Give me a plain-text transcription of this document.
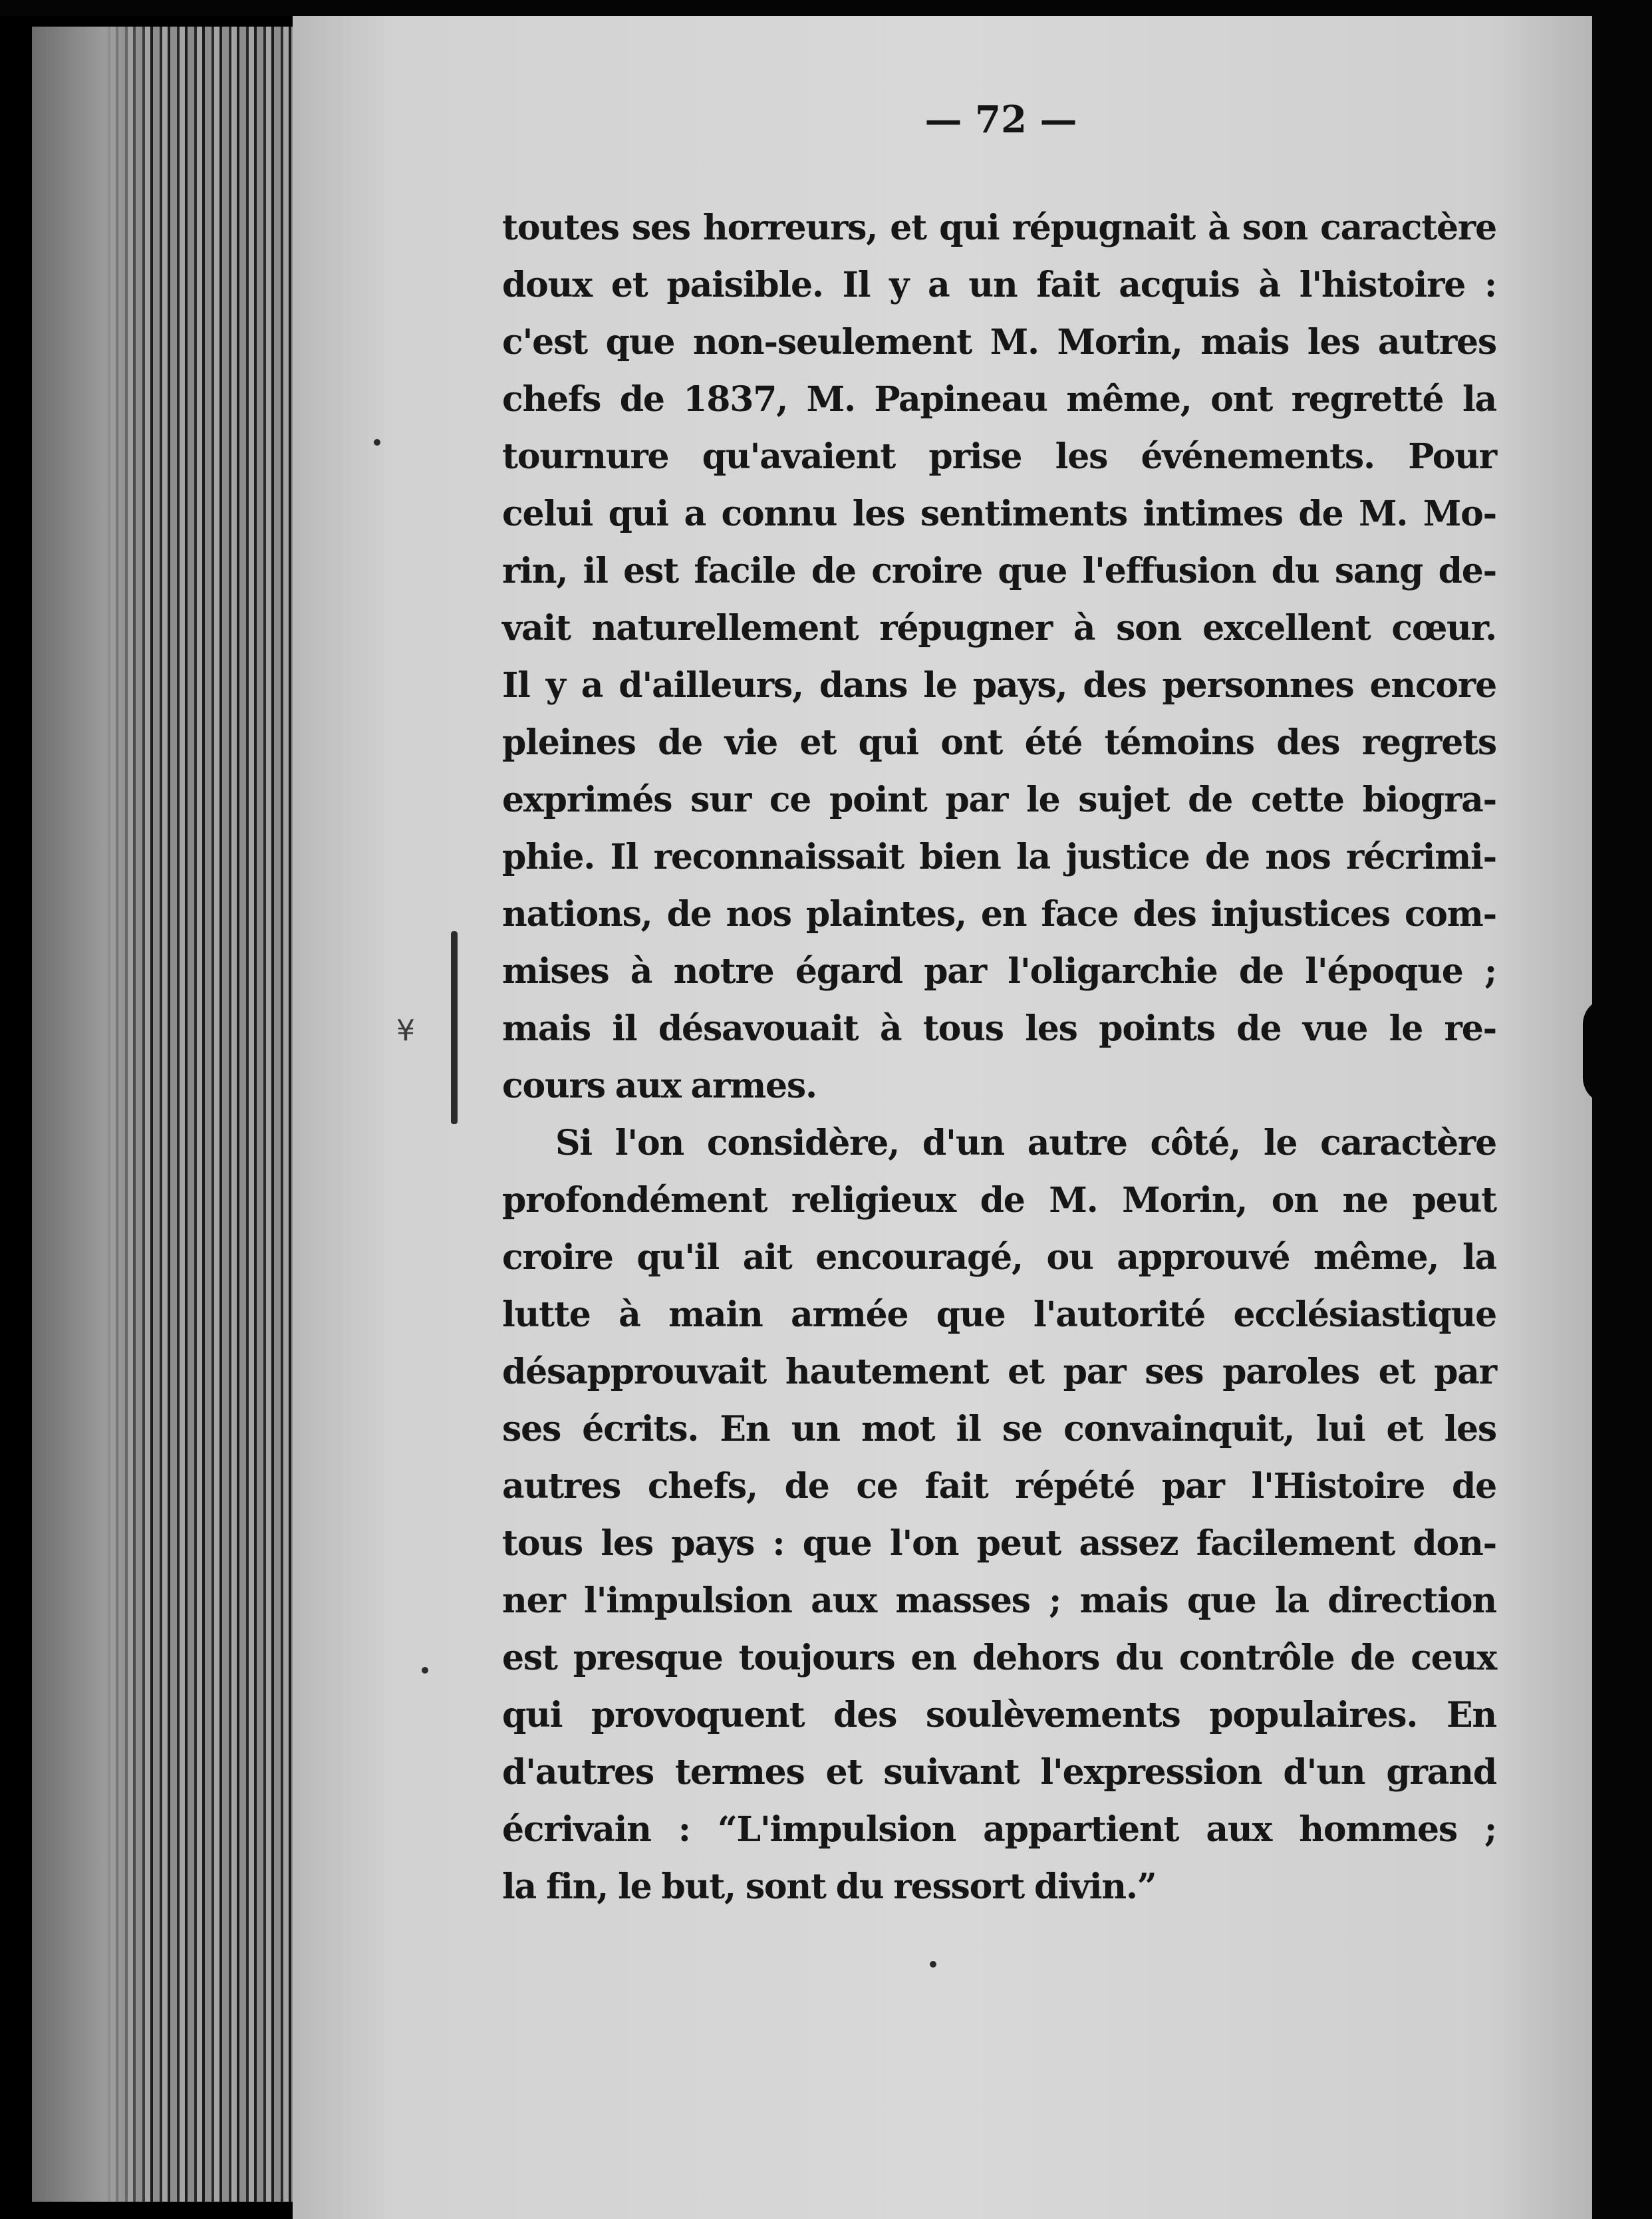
¥
— 72 —
toutes ses horreurs, et qui répugnait à son caractère
doux et paisible. Il y a un fait acquis à l'histoire :
c'est que non-seulement M. Morin, mais les autres
chefs de 1837, M. Papineau même, ont regretté la
tournure qu'avaient prise les événements. Pour
celui qui a connu les sentiments intimes de M. Mo-
rin, il est facile de croire que l'effusion du sang de-
vait naturellement répugner à son excellent cœur.
Il y a d'ailleurs, dans le pays, des personnes encore
pleines de vie et qui ont été témoins des regrets
exprimés sur ce point par le sujet de cette biogra-
phie. Il reconnaissait bien la justice de nos récrimi-
nations, de nos plaintes, en face des injustices com-
mises à notre égard par l'oligarchie de l'époque ;
mais il désavouait à tous les points de vue le re-
cours aux armes.
Si l'on considère, d'un autre côté, le caractère
profondément religieux de M. Morin, on ne peut
croire qu'il ait encouragé, ou approuvé même, la
lutte à main armée que l'autorité ecclésiastique
désapprouvait hautement et par ses paroles et par
ses écrits. En un mot il se convainquit, lui et les
autres chefs, de ce fait répété par l'Histoire de
tous les pays : que l'on peut assez facilement don-
ner l'impulsion aux masses ; mais que la direction
est presque toujours en dehors du contrôle de ceux
qui provoquent des soulèvements populaires. En
d'autres termes et suivant l'expression d'un grand
écrivain : “L'impulsion appartient aux hommes ;
la fin, le but, sont du ressort divin.”
